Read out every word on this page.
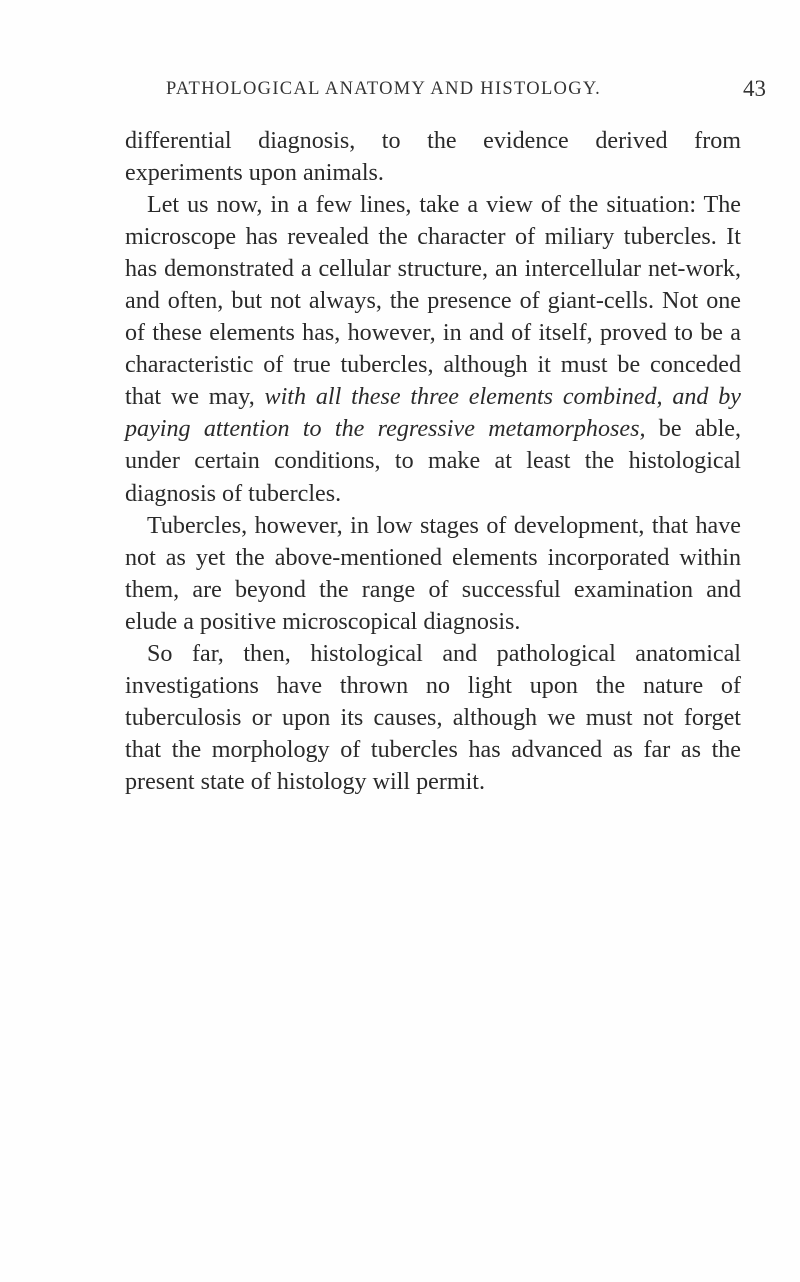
PATHOLOGICAL ANATOMY AND HISTOLOGY.	43

differential diagnosis, to the evidence derived from experiments upon animals.

Let us now, in a few lines, take a view of the situation: The microscope has revealed the character of miliary tubercles. It has demonstrated a cellular structure, an intercellular net-work, and often, but not always, the presence of giant-cells. Not one of these elements has, however, in and of itself, proved to be a characteristic of true tubercles, although it must be conceded that we may, with all these three elements combined, and by paying attention to the regressive metamorphoses, be able, under certain conditions, to make at least the histological diagnosis of tubercles.

Tubercles, however, in low stages of development, that have not as yet the above-mentioned elements incorporated within them, are beyond the range of successful examination and elude a positive microscopical diagnosis.

So far, then, histological and pathological anatomical investigations have thrown no light upon the nature of tuberculosis or upon its causes, although we must not forget that the morphology of tubercles has advanced as far as the present state of histology will permit.
